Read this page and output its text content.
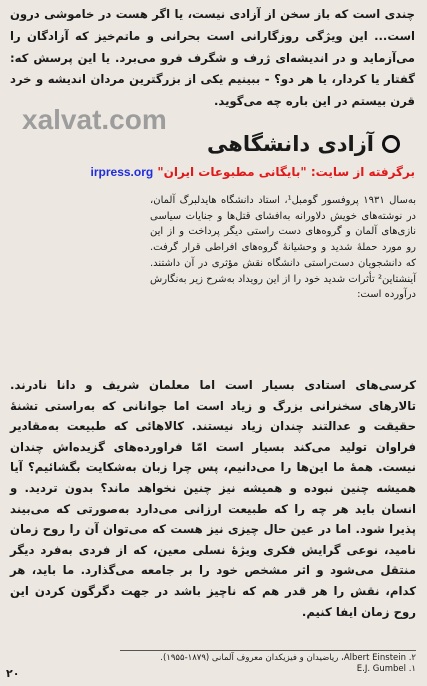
چندی است که باز سخن از آزادی نیست، یا اگر هست در خاموشی درون است... این ویژگی روزگارانی است بحرانی و ماتم‌خیز که آزادگان را می‌آزماید و در اندیشه‌ای ژرف و شگرف فرو می‌برد. یا این پرسش که: گفتار یا کردار، یا هر دو؟ - ببینیم یکی از بزرگترین مردان اندیشه و خرد قرن بیستم در این باره چه می‌گوید.
xalvat.com
آزادی دانشگاهی
برگرفته از سایت: "بایگانی مطبوعات ایران" irpress.org
به‌سال ۱۹۳۱ پروفسور گومبل¹، استاد دانشگاه هایدلبرگ آلمان، در نوشته‌های خویش دلاورانه به‌افشای قتل‌ها و جنایات سیاسی نازی‌های آلمان و گروه‌های دست راستی دیگر پرداخت و از این رو مورد حملهٔ شدید و وحشیانهٔ گروه‌های افراطی قرار گرفت. که دانشجویان دست‌راستی دانشگاه نقش مؤثری در آن داشتند. آینشتاین² تأثرات شدید خود را از این رویداد به‌شرح زیر به‌نگارش درآورده است:
کرسی‌های استادی بسیار است اما معلمان شریف و دانا نادرند. تالارهای سخنرانی بزرگ و زیاد است اما جوانانی که به‌راستی تشنهٔ حقیقت و عدالتند چندان زیاد نیستند. کالاهائی که طبیعت به‌مقادیر فراوان تولید می‌کند بسیار است امّا فراورده‌های گزیده‌اش چندان نیست. همهٔ ما این‌ها را می‌دانیم، پس چرا زبان به‌شکایت بگشائیم؟ آیا همیشه چنین نبوده و همیشه نیز چنین نخواهد ماند؟ بدون تردید. و انسان باید هر چه را که طبیعت ارزانی می‌دارد به‌صورتی که می‌بیند پذیرا شود. اما در عین حال چیزی نیز هست که می‌توان آن را روح زمان نامید، نوعی گرایش فکری ویژهٔ نسلی معین، که از فردی به‌فرد دیگر منتقل می‌شود و اثر مشخص خود را بر جامعه می‌گذارد. ما باید، هر کدام، نقش را هر قدر هم که ناچیز باشد در جهت دگرگون کردن این روح زمان ایفا کنیم.
۲. Albert Einstein، ریاضیدان و فیزیکدان معروف آلمانی (۱۸۷۹-۱۹۵۵).
۱. E.J. Gumbel
۲۰
